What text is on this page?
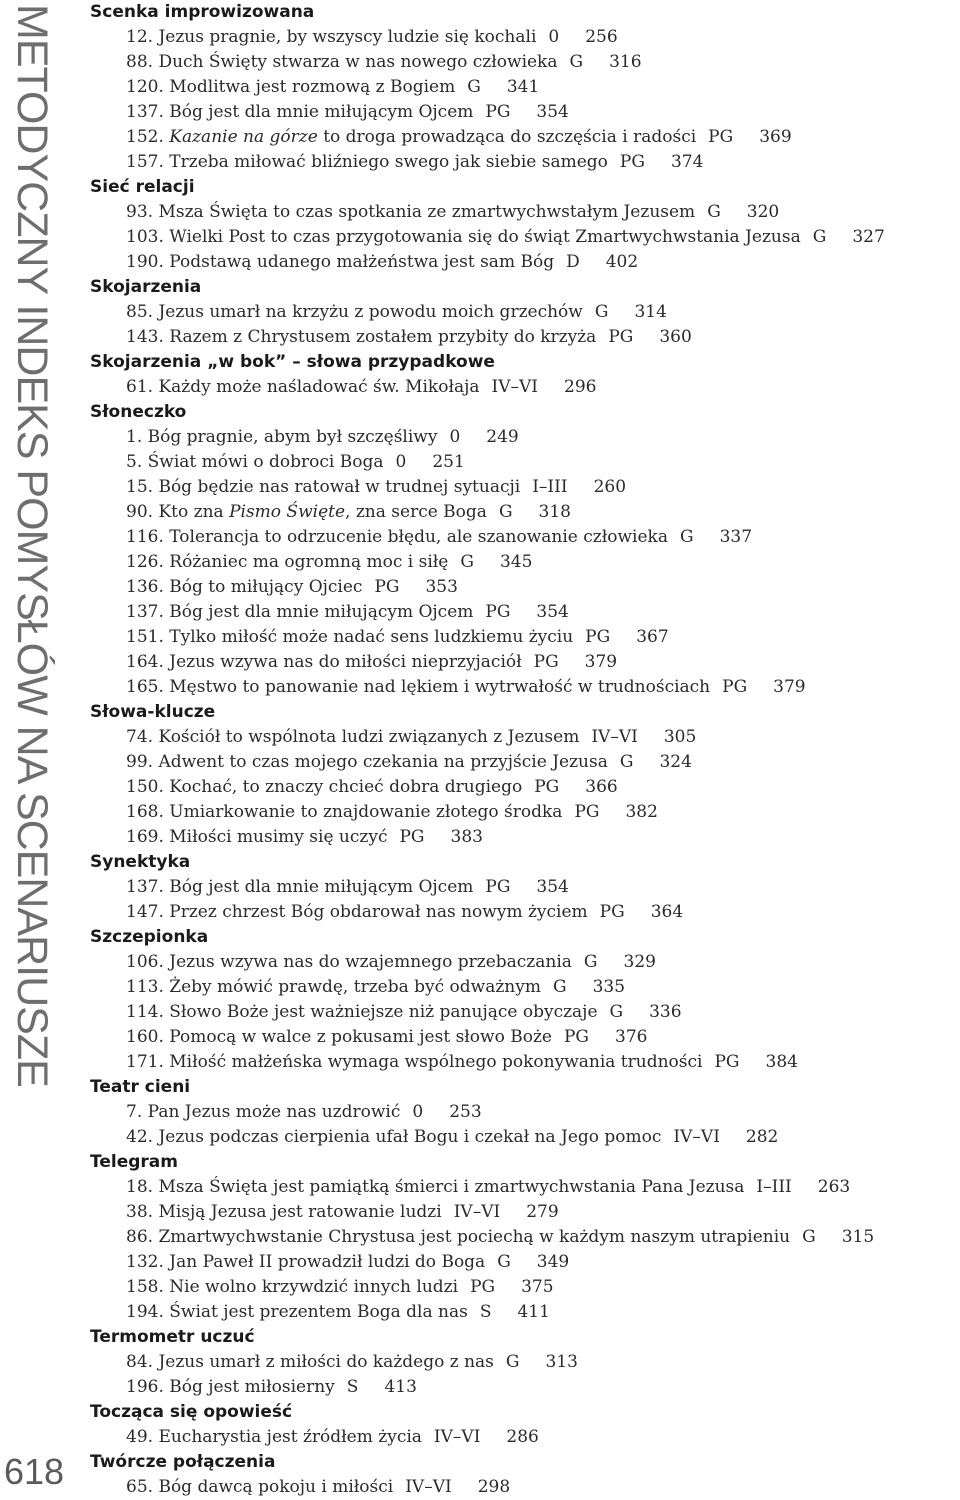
METODYCZNY INDEKS POMYSŁÓW NA SCENARIUSZE
618
Scenka improwizowana
12. Jezus pragnie, by wszyscy ludzie się kochali 0 256
88. Duch Święty stwarza w nas nowego człowieka G 316
120. Modlitwa jest rozmową z Bogiem G 341
137. Bóg jest dla mnie miłującym Ojcem PG 354
152. Kazanie na górze to droga prowadząca do szczęścia i radości PG 369
157. Trzeba miłować bliźniego swego jak siebie samego PG 374
Sieć relacji
93. Msza Święta to czas spotkania ze zmartwychwstałym Jezusem G 320
103. Wielki Post to czas przygotowania się do świąt Zmartwychwstania Jezusa G 327
190. Podstawą udanego małżeństwa jest sam Bóg D 402
Skojarzenia
85. Jezus umarł na krzyżu z powodu moich grzechów G 314
143. Razem z Chrystusem zostałem przybity do krzyża PG 360
Skojarzenia „w bok” – słowa przypadkowe
61. Każdy może naśladować św. Mikołaja IV–VI 296
Słoneczko
1. Bóg pragnie, abym był szczęśliwy 0 249
5. Świat mówi o dobroci Boga 0 251
15. Bóg będzie nas ratował w trudnej sytuacji I–III 260
90. Kto zna Pismo Święte, zna serce Boga G 318
116. Tolerancja to odrzucenie błędu, ale szanowanie człowieka G 337
126. Różaniec ma ogromną moc i siłę G 345
136. Bóg to miłujący Ojciec PG 353
137. Bóg jest dla mnie miłującym Ojcem PG 354
151. Tylko miłość może nadać sens ludzkiemu życiu PG 367
164. Jezus wzywa nas do miłości nieprzyjaciół PG 379
165. Męstwo to panowanie nad lękiem i wytrwałość w trudnościach PG 379
Słowa-klucze
74. Kościół to wspólnota ludzi związanych z Jezusem IV–VI 305
99. Adwent to czas mojego czekania na przyjście Jezusa G 324
150. Kochać, to znaczy chcieć dobra drugiego PG 366
168. Umiarkowanie to znajdowanie złotego środka PG 382
169. Miłości musimy się uczyć PG 383
Synektyka
137. Bóg jest dla mnie miłującym Ojcem PG 354
147. Przez chrzest Bóg obdarował nas nowym życiem PG 364
Szczepionka
106. Jezus wzywa nas do wzajemnego przebaczania G 329
113. Żeby mówić prawdę, trzeba być odważnym G 335
114. Słowo Boże jest ważniejsze niż panujące obyczaje G 336
160. Pomocą w walce z pokusami jest słowo Boże PG 376
171. Miłość małżeńska wymaga wspólnego pokonywania trudności PG 384
Teatr cieni
7. Pan Jezus może nas uzdrowić 0 253
42. Jezus podczas cierpienia ufał Bogu i czekał na Jego pomoc IV–VI 282
Telegram
18. Msza Święta jest pamiątką śmierci i zmartwychwstania Pana Jezusa I–III 263
38. Misją Jezusa jest ratowanie ludzi IV–VI 279
86. Zmartwychwstanie Chrystusa jest pociechą w każdym naszym utrapieniu G 315
132. Jan Paweł II prowadził ludzi do Boga G 349
158. Nie wolno krzywdzić innych ludzi PG 375
194. Świat jest prezentem Boga dla nas S 411
Termometr uczuć
84. Jezus umarł z miłości do każdego z nas G 313
196. Bóg jest miłosierny S 413
Tocząca się opowieść
49. Eucharystia jest źródłem życia IV–VI 286
Twórcze połączenia
65. Bóg dawcą pokoju i miłości IV–VI 298
